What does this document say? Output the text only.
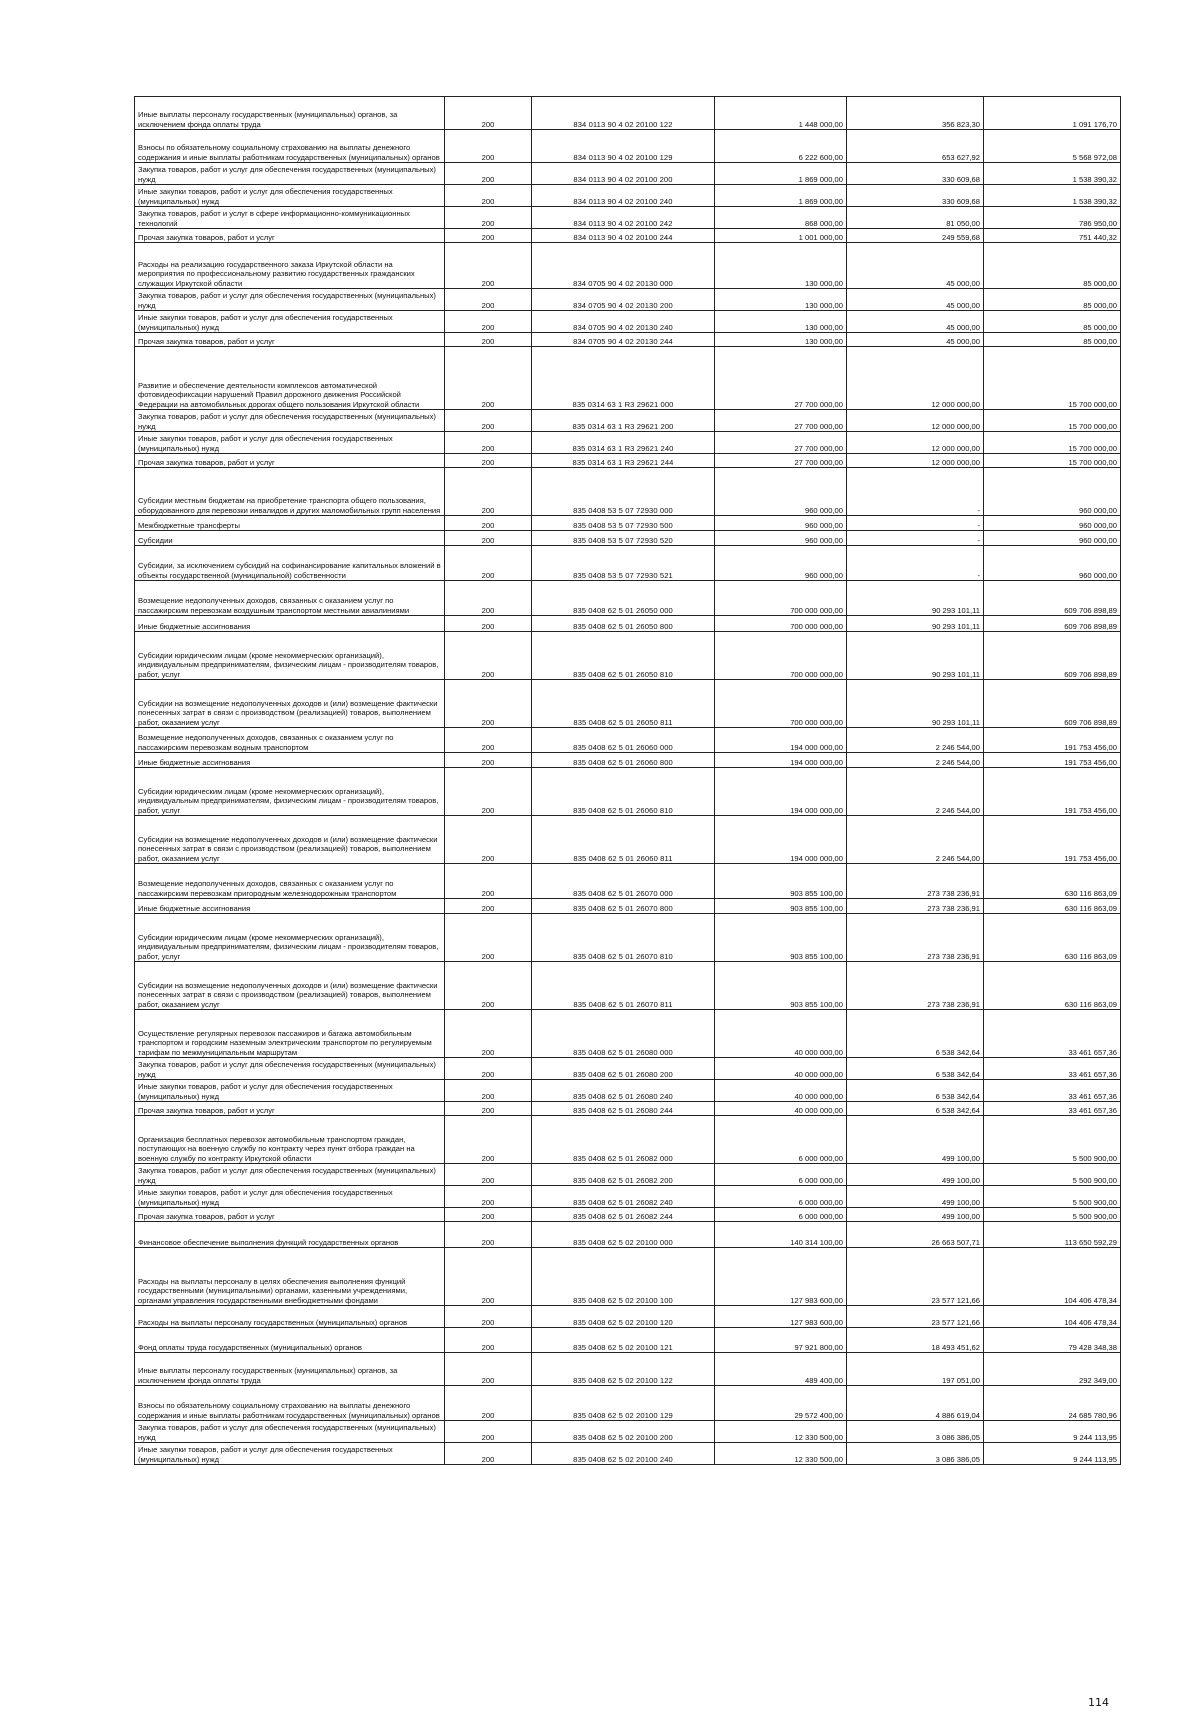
Иные выплаты персоналу государственных (муниципальных) органов, за исключением фонда оплаты труда	200	834 0113 90 4 02 20100 122	1 448 000,00	356 823,30	1 091 176,70
Взносы по обязательному социальному страхованию на выплаты денежного содержания и иные выплаты работникам государственных (муниципальных) органов	200	834 0113 90 4 02 20100 129	6 222 600,00	653 627,92	5 568 972,08
Закупка товаров, работ и услуг для обеспечения государственных (муниципальных) нужд	200	834 0113 90 4 02 20100 200	1 869 000,00	330 609,68	1 538 390,32
Иные закупки товаров, работ и услуг для обеспечения государственных (муниципальных) нужд	200	834 0113 90 4 02 20100 240	1 869 000,00	330 609,68	1 538 390,32
Закупка товаров, работ и услуг в сфере информационно-коммуникационных технологий	200	834 0113 90 4 02 20100 242	868 000,00	81 050,00	786 950,00
Прочая закупка товаров, работ и услуг	200	834 0113 90 4 02 20100 244	1 001 000,00	249 559,68	751 440,32
Расходы на реализацию государственного заказа Иркутской области на мероприятия по профессиональному развитию государственных гражданских служащих Иркутской области	200	834 0705 90 4 02 20130 000	130 000,00	45 000,00	85 000,00
Закупка товаров, работ и услуг для обеспечения государственных (муниципальных) нужд	200	834 0705 90 4 02 20130 200	130 000,00	45 000,00	85 000,00
Иные закупки товаров, работ и услуг для обеспечения государственных (муниципальных) нужд	200	834 0705 90 4 02 20130 240	130 000,00	45 000,00	85 000,00
Прочая закупка товаров, работ и услуг	200	834 0705 90 4 02 20130 244	130 000,00	45 000,00	85 000,00
Развитие и обеспечение деятельности комплексов автоматической фотовидеофиксации нарушений Правил дорожного движения Российской Федерации на автомобильных дорогах общего пользования Иркутской области	200	835 0314 63 1 R3 29621 000	27 700 000,00	12 000 000,00	15 700 000,00
Закупка товаров, работ и услуг для обеспечения государственных (муниципальных) нужд	200	835 0314 63 1 R3 29621 200	27 700 000,00	12 000 000,00	15 700 000,00
Иные закупки товаров, работ и услуг для обеспечения государственных (муниципальных) нужд	200	835 0314 63 1 R3 29621 240	27 700 000,00	12 000 000,00	15 700 000,00
Прочая закупка товаров, работ и услуг	200	835 0314 63 1 R3 29621 244	27 700 000,00	12 000 000,00	15 700 000,00
Субсидии местным бюджетам на приобретение транспорта общего пользования, оборудованного для перевозки инвалидов и других маломобильных групп населения	200	835 0408 53 5 07 72930 000	960 000,00	-	960 000,00
Межбюджетные трансферты	200	835 0408 53 5 07 72930 500	960 000,00	-	960 000,00
Субсидии	200	835 0408 53 5 07 72930 520	960 000,00	-	960 000,00
Субсидии, за исключением субсидий на софинансирование капитальных вложений в объекты государственной (муниципальной) собственности	200	835 0408 53 5 07 72930 521	960 000,00	-	960 000,00
Возмещение недополученных доходов, связанных с оказанием услуг по пассажирским перевозкам воздушным транспортом местными авиалиниями	200	835 0408 62 5 01 26050 000	700 000 000,00	90 293 101,11	609 706 898,89
Иные бюджетные ассигнования	200	835 0408 62 5 01 26050 800	700 000 000,00	90 293 101,11	609 706 898,89
Субсидии юридическим лицам (кроме некоммерческих организаций), индивидуальным предпринимателям, физическим лицам - производителям товаров, работ, услуг	200	835 0408 62 5 01 26050 810	700 000 000,00	90 293 101,11	609 706 898,89
Субсидии на возмещение недополученных доходов и (или) возмещение фактически понесенных затрат в связи с производством (реализацией) товаров, выполнением работ, оказанием услуг	200	835 0408 62 5 01 26050 811	700 000 000,00	90 293 101,11	609 706 898,89
Возмещение недополученных доходов, связанных с оказанием услуг по пассажирским перевозкам водным транспортом	200	835 0408 62 5 01 26060 000	194 000 000,00	2 246 544,00	191 753 456,00
Иные бюджетные ассигнования	200	835 0408 62 5 01 26060 800	194 000 000,00	2 246 544,00	191 753 456,00
Субсидии юридическим лицам (кроме некоммерческих организаций), индивидуальным предпринимателям, физическим лицам - производителям товаров, работ, услуг	200	835 0408 62 5 01 26060 810	194 000 000,00	2 246 544,00	191 753 456,00
Субсидии на возмещение недополученных доходов и (или) возмещение фактически понесенных затрат в связи с производством (реализацией) товаров, выполнением работ, оказанием услуг	200	835 0408 62 5 01 26060 811	194 000 000,00	2 246 544,00	191 753 456,00
Возмещение недополученных доходов, связанных с оказанием услуг по пассажирским перевозкам пригородным железнодорожным транспортом	200	835 0408 62 5 01 26070 000	903 855 100,00	273 738 236,91	630 116 863,09
Иные бюджетные ассигнования	200	835 0408 62 5 01 26070 800	903 855 100,00	273 738 236,91	630 116 863,09
Субсидии юридическим лицам (кроме некоммерческих организаций), индивидуальным предпринимателям, физическим лицам - производителям товаров, работ, услуг	200	835 0408 62 5 01 26070 810	903 855 100,00	273 738 236,91	630 116 863,09
Субсидии на возмещение недополученных доходов и (или) возмещение фактически понесенных затрат в связи с производством (реализацией) товаров, выполнением работ, оказанием услуг	200	835 0408 62 5 01 26070 811	903 855 100,00	273 738 236,91	630 116 863,09
Осуществление регулярных перевозок пассажиров и багажа автомобильным транспортом и городским наземным электрическим транспортом по регулируемым тарифам по межмуниципальным маршрутам	200	835 0408 62 5 01 26080 000	40 000 000,00	6 538 342,64	33 461 657,36
Закупка товаров, работ и услуг для обеспечения государственных (муниципальных) нужд	200	835 0408 62 5 01 26080 200	40 000 000,00	6 538 342,64	33 461 657,36
Иные закупки товаров, работ и услуг для обеспечения государственных (муниципальных) нужд	200	835 0408 62 5 01 26080 240	40 000 000,00	6 538 342,64	33 461 657,36
Прочая закупка товаров, работ и услуг	200	835 0408 62 5 01 26080 244	40 000 000,00	6 538 342,64	33 461 657,36
Организация бесплатных перевозок автомобильным транспортом граждан, поступающих на военную службу по контракту через пункт отбора граждан на военную службу по контракту Иркутской области	200	835 0408 62 5 01 26082 000	6 000 000,00	499 100,00	5 500 900,00
Закупка товаров, работ и услуг для обеспечения государственных (муниципальных) нужд	200	835 0408 62 5 01 26082 200	6 000 000,00	499 100,00	5 500 900,00
Иные закупки товаров, работ и услуг для обеспечения государственных (муниципальных) нужд	200	835 0408 62 5 01 26082 240	6 000 000,00	499 100,00	5 500 900,00
Прочая закупка товаров, работ и услуг	200	835 0408 62 5 01 26082 244	6 000 000,00	499 100,00	5 500 900,00
Финансовое обеспечение выполнения функций государственных органов	200	835 0408 62 5 02 20100 000	140 314 100,00	26 663 507,71	113 650 592,29
Расходы на выплаты персоналу в целях обеспечения выполнения функций государственными (муниципальными) органами, казенными учреждениями, органами управления государственными внебюджетными фондами	200	835 0408 62 5 02 20100 100	127 983 600,00	23 577 121,66	104 406 478,34
Расходы на выплаты персоналу государственных (муниципальных) органов	200	835 0408 62 5 02 20100 120	127 983 600,00	23 577 121,66	104 406 478,34
Фонд оплаты труда государственных (муниципальных) органов	200	835 0408 62 5 02 20100 121	97 921 800,00	18 493 451,62	79 428 348,38
Иные выплаты персоналу государственных (муниципальных) органов, за исключением фонда оплаты труда	200	835 0408 62 5 02 20100 122	489 400,00	197 051,00	292 349,00
Взносы по обязательному социальному страхованию на выплаты денежного содержания и иные выплаты работникам государственных (муниципальных) органов	200	835 0408 62 5 02 20100 129	29 572 400,00	4 886 619,04	24 685 780,96
Закупка товаров, работ и услуг для обеспечения государственных (муниципальных) нужд	200	835 0408 62 5 02 20100 200	12 330 500,00	3 086 386,05	9 244 113,95
Иные закупки товаров, работ и услуг для обеспечения государственных (муниципальных) нужд	200	835 0408 62 5 02 20100 240	12 330 500,00	3 086 386,05	9 244 113,95
114
